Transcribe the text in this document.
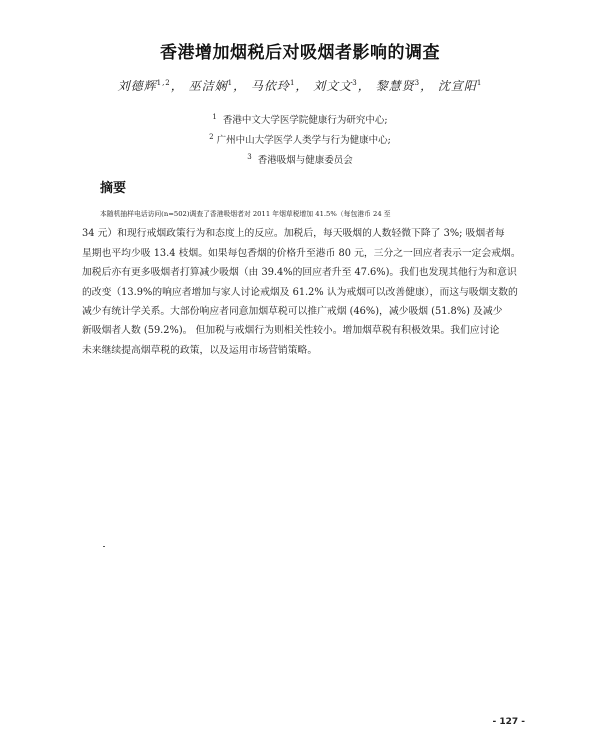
香港增加烟税后对吸烟者影响的调查
刘德辉$^{1,2}$， 巫洁娴$^1$， 马依玲$^1$， 刘文文$^3$， 黎慧贤$^3$， 沈宣阳$^1$
$^1$ 香港中文大学医学院健康行为研究中心;
$^2$ 广州中山大学医学人类学与行为健康中心;
$^3$ 香港吸烟与健康委员会
摘要

本随机抽样电话访问(n=502)调查了香港吸烟者对 2011 年烟草税增加 41.5%（每包港币 24 至
34 元）和现行戒烟政策行为和态度上的反应。加税后，每天吸烟的人数轻微下降了 3%; 吸烟者每
星期也平均少吸 13.4 枝烟。如果每包香烟的价格升至港币 80 元，三分之一回应者表示一定会戒烟。
加税后亦有更多吸烟者打算减少吸烟（由 39.4%的回应者升至 47.6%)。我们也发现其他行为和意识
的改变（13.9%的响应者增加与家人讨论戒烟及 61.2% 认为戒烟可以改善健康），而这与吸烟支数的
减少有统计学关系。大部份响应者同意加烟草税可以推广戒烟 (46%)，减少吸烟 (51.8%) 及减少
新吸烟者人数 (59.2%)。 但加税与戒烟行为则相关性较小。增加烟草税有积极效果。我们应讨论
未来继续提高烟草税的政策，以及运用市场营销策略。

- 127 -
